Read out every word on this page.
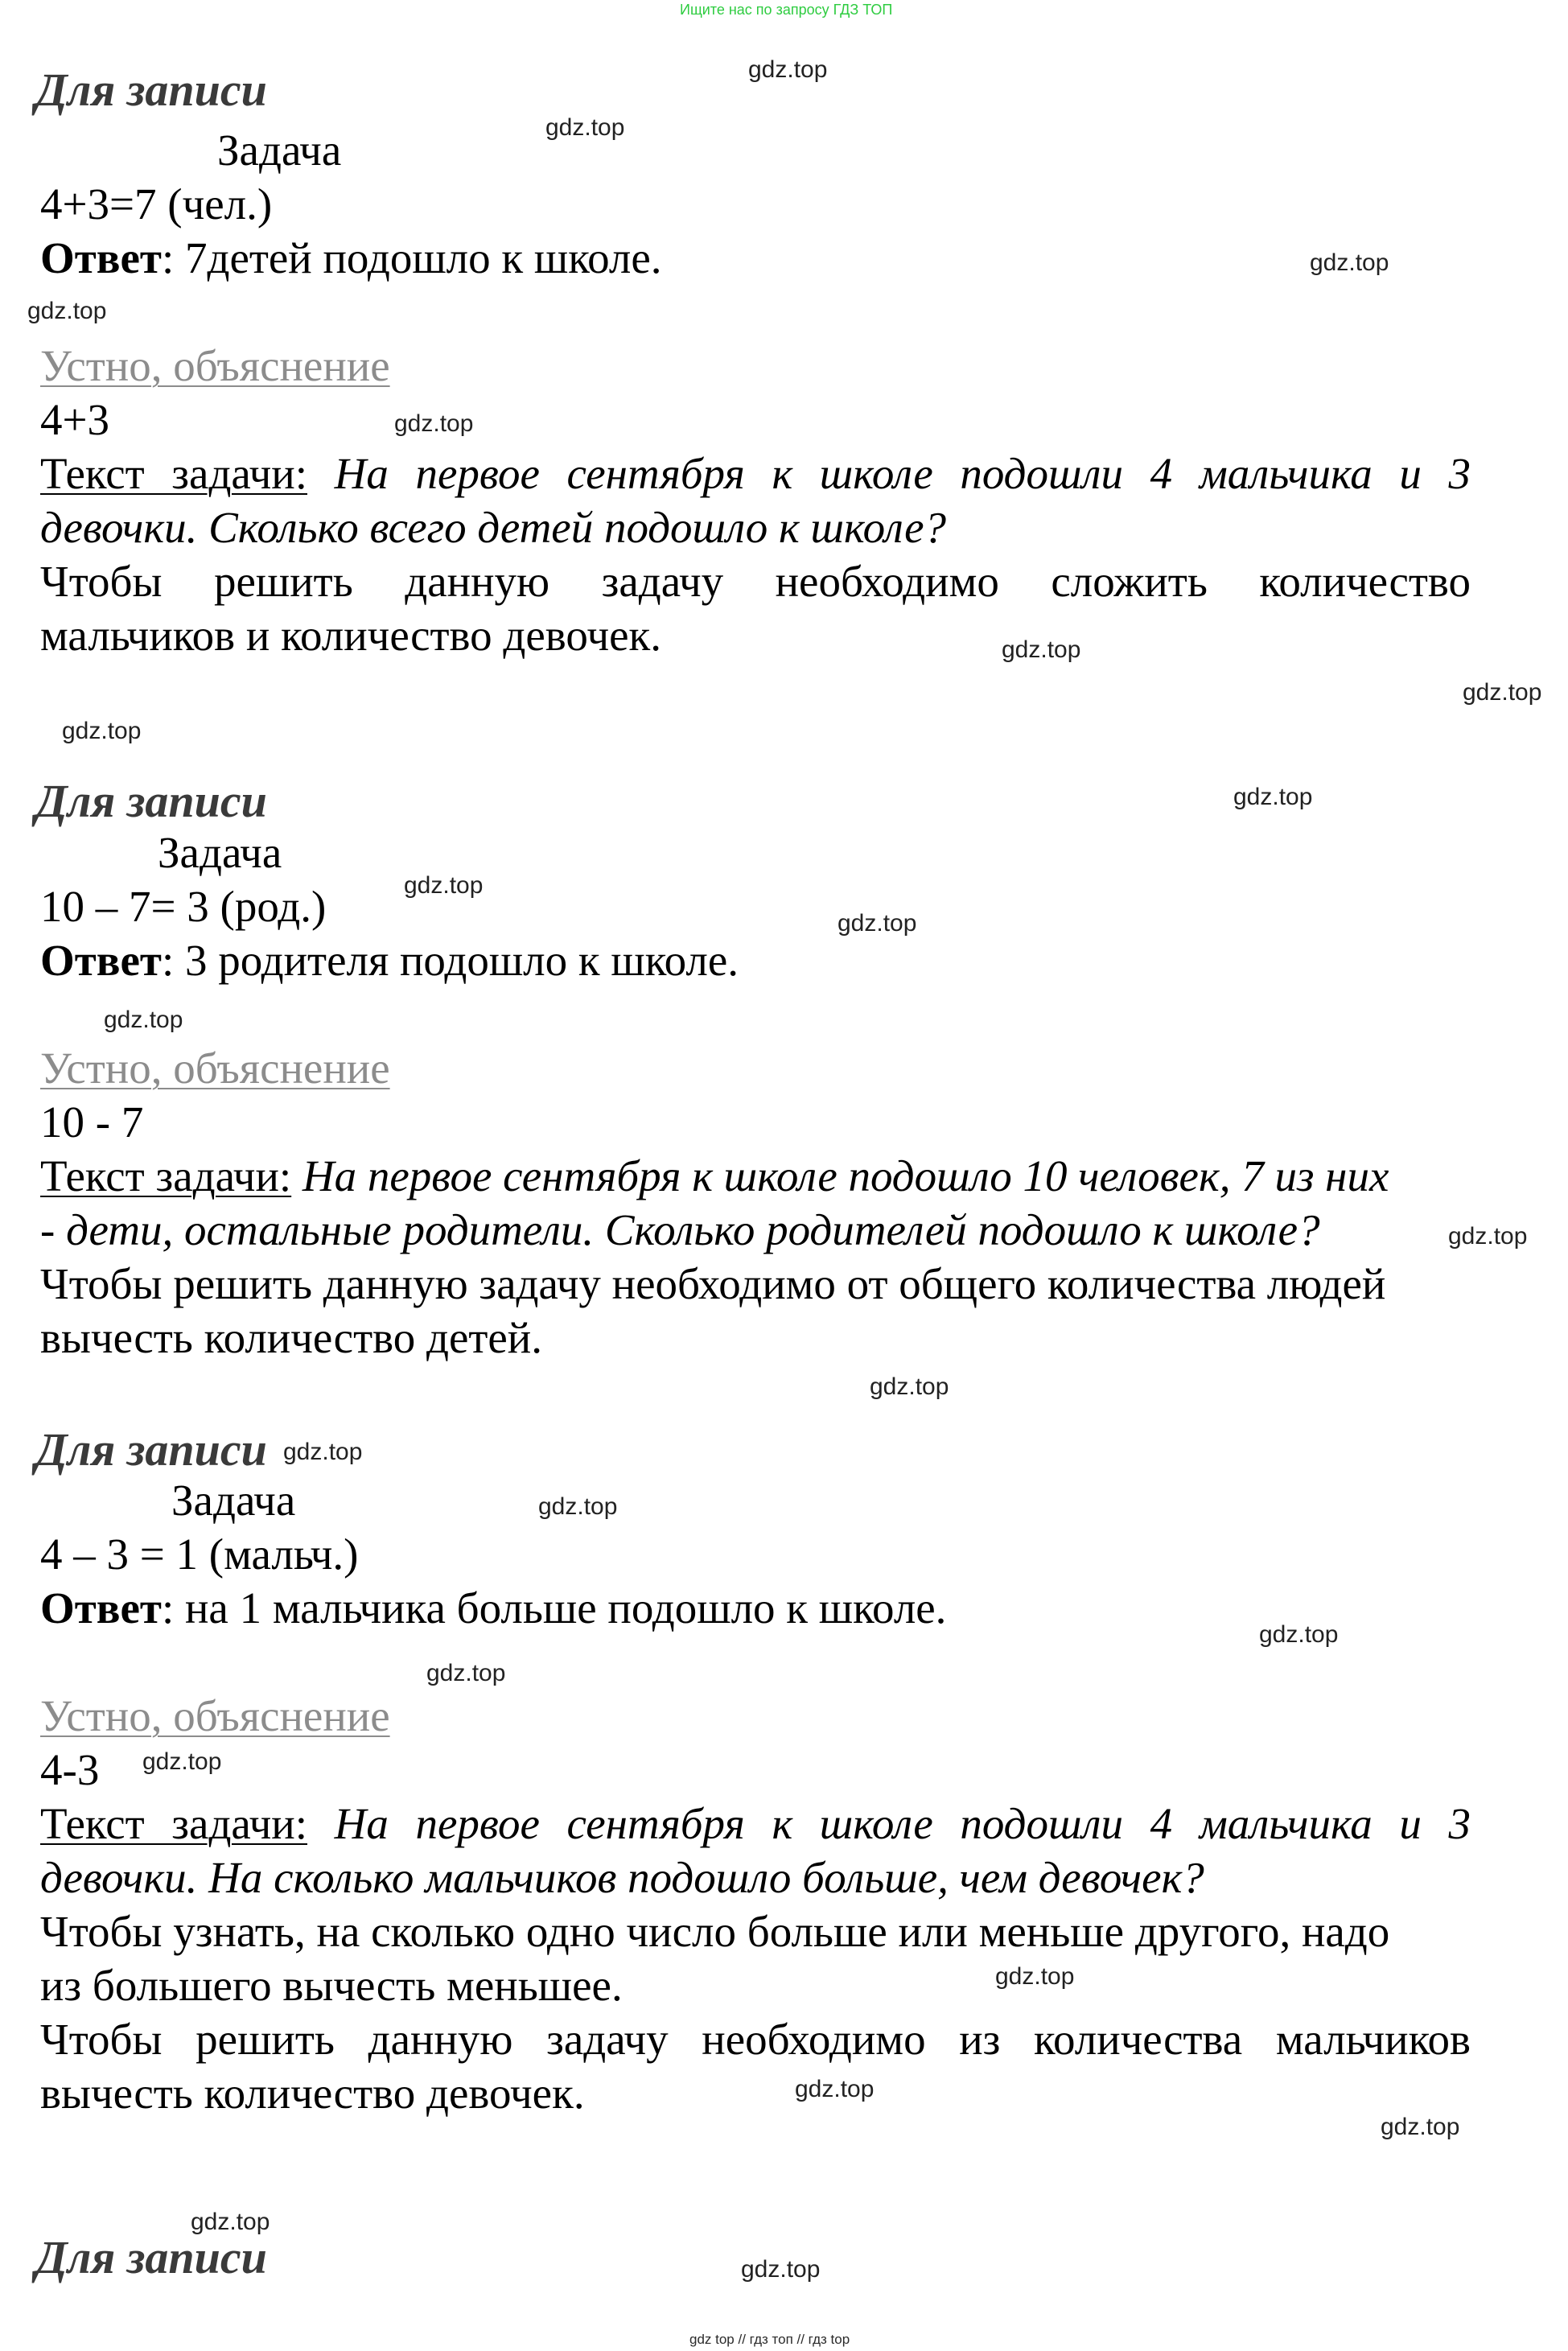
Ищите нас по запросу ГДЗ ТОП
gdz top // гдз топ // гдз top
Для записи
Задача
4+3=7 (чел.)
Ответ: 7детей подошло к школе.
Устно, объяснение
4+3
Текст задачи: На первое сентября к школе подошли 4 мальчика и 3
девочки. Сколько всего детей подошло к школе?
Чтобы решить данную задачу необходимо сложить количество
мальчиков и количество девочек.
Для записи
Задача
10 – 7= 3 (род.)
Ответ: 3 родителя подошло к школе.
Устно, объяснение
10 - 7
Текст задачи: На первое сентября к школе подошло 10 человек, 7 из них
- дети, остальные родители. Сколько родителей подошло к школе?
Чтобы решить данную задачу необходимо от общего количества людей
вычесть количество детей.
Для записи
Задача
4 – 3 = 1 (мальч.)
Ответ: на 1 мальчика больше подошло к школе.
Устно, объяснение
4-3
Текст задачи: На первое сентября к школе подошли 4 мальчика и 3
девочки. На сколько мальчиков подошло больше, чем девочек?
Чтобы узнать, на сколько одно число больше или меньше другого, надо
из большего вычесть меньшее.
Чтобы решить данную задачу необходимо из количества мальчиков
вычесть количество девочек.
Для записи
gdz.top
gdz.top
gdz.top
gdz.top
gdz.top
gdz.top
gdz.top
gdz.top
gdz.top
gdz.top
gdz.top
gdz.top
gdz.top
gdz.top
gdz.top
gdz.top
gdz.top
gdz.top
gdz.top
gdz.top
gdz.top
gdz.top
gdz.top
gdz.top
